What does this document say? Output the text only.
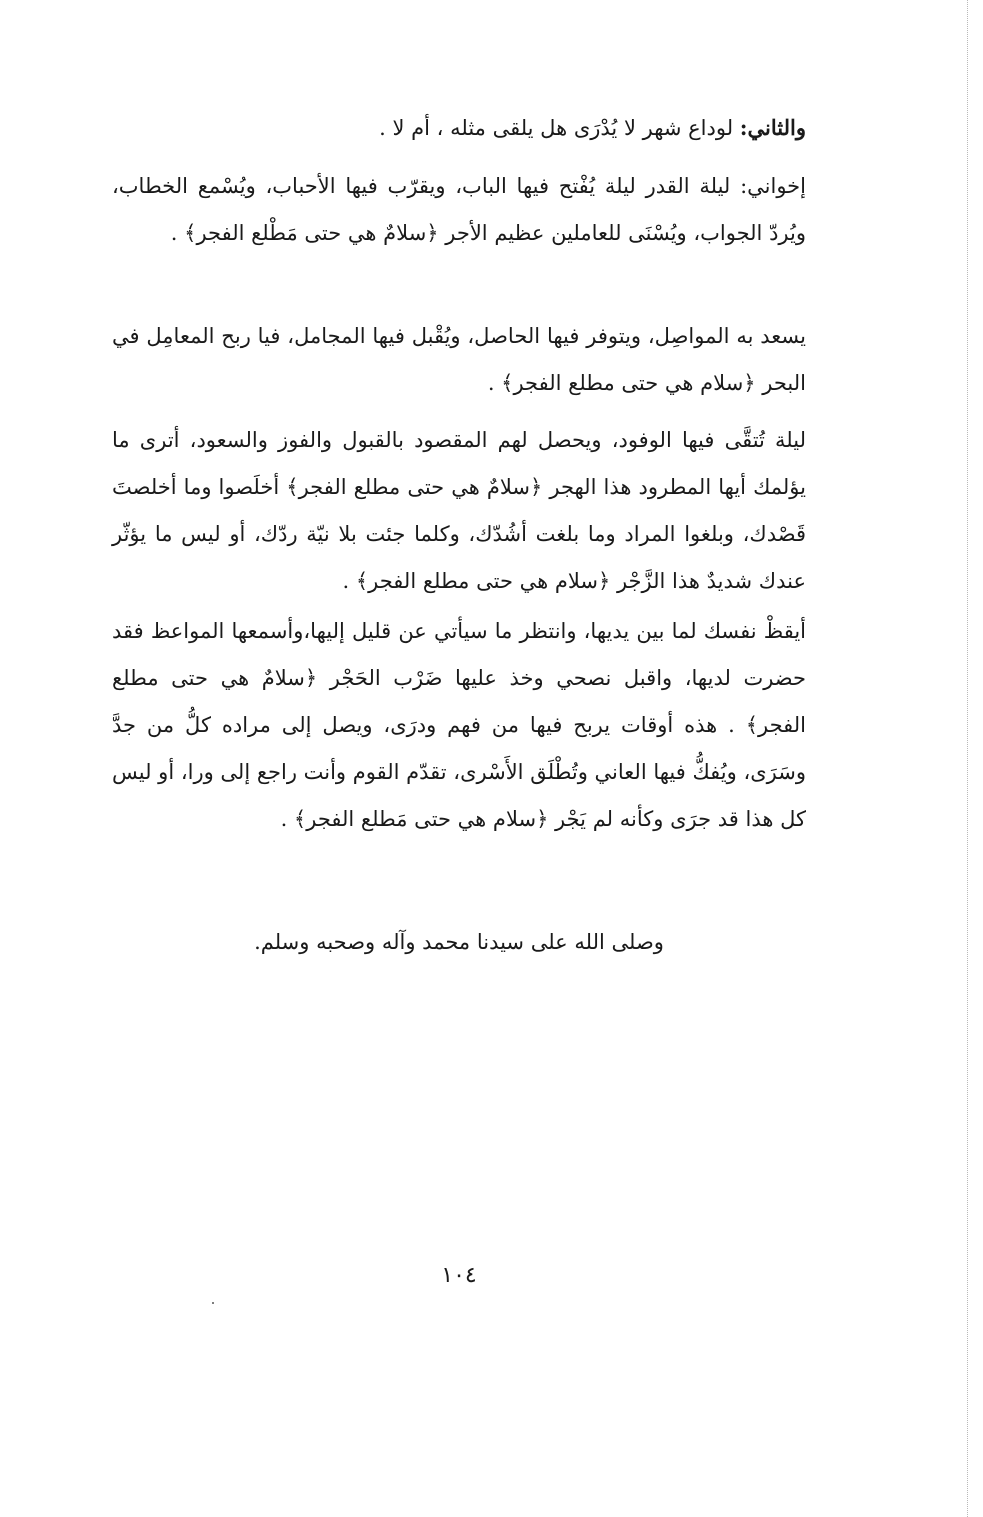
والثاني: لوداع شهر لا يُدْرَى هل يلقى مثله ، أم لا .

إخواني: ليلة القدر ليلة يُفْتح فيها الباب، ويقرّب فيها الأحباب، ويُسْمع الخطاب، ويُردّ الجواب، ويُسْنَى للعاملين عظيم الأجر ﴿سلامٌ هي حتى مَطْلع الفجر﴾ .

يسعد به المواصِل، ويتوفر فيها الحاصل، ويُقْبل فيها المجامل، فيا ربح المعامِل في البحر ﴿سلام هي حتى مطلع الفجر﴾ .

ليلة تُتقَّى فيها الوفود، ويحصل لهم المقصود بالقبول والفوز والسعود، أترى ما يؤلمك أيها المطرود هذا الهجر ﴿سلامٌ هي حتى مطلع الفجر﴾ أخلَصوا وما أخلصتَ قَصْدك، وبلغوا المراد وما بلغت أشُدّك، وكلما جئت بلا نيّة ردّك، أو ليس ما يؤثّر عندك شديدٌ هذا الزَّجْر ﴿سلام هي حتى مطلع الفجر﴾ .

أيقظْ نفسك لما بين يديها، وانتظر ما سيأتي عن قليل إليها،وأسمعها المواعظ فقد حضرت لديها، واقبل نصحي وخذ عليها ضَرْب الحَجْر ﴿سلامٌ هي حتى مطلع الفجر﴾ . هذه أوقات يربح فيها من فهم ودرَى، ويصل إلى مراده كلُّ من جدَّ وسَرَى، ويُفكُّ فيها العاني وتُطْلَق الأَسْرى، تقدّم القوم وأنت راجع إلى ورا، أو ليس كل هذا قد جرَى وكأنه لم يَجْر ﴿سلام هي حتى مَطلع الفجر﴾ .

وصلى الله على سيدنا محمد وآله وصحبه وسلم.

١٠٤
